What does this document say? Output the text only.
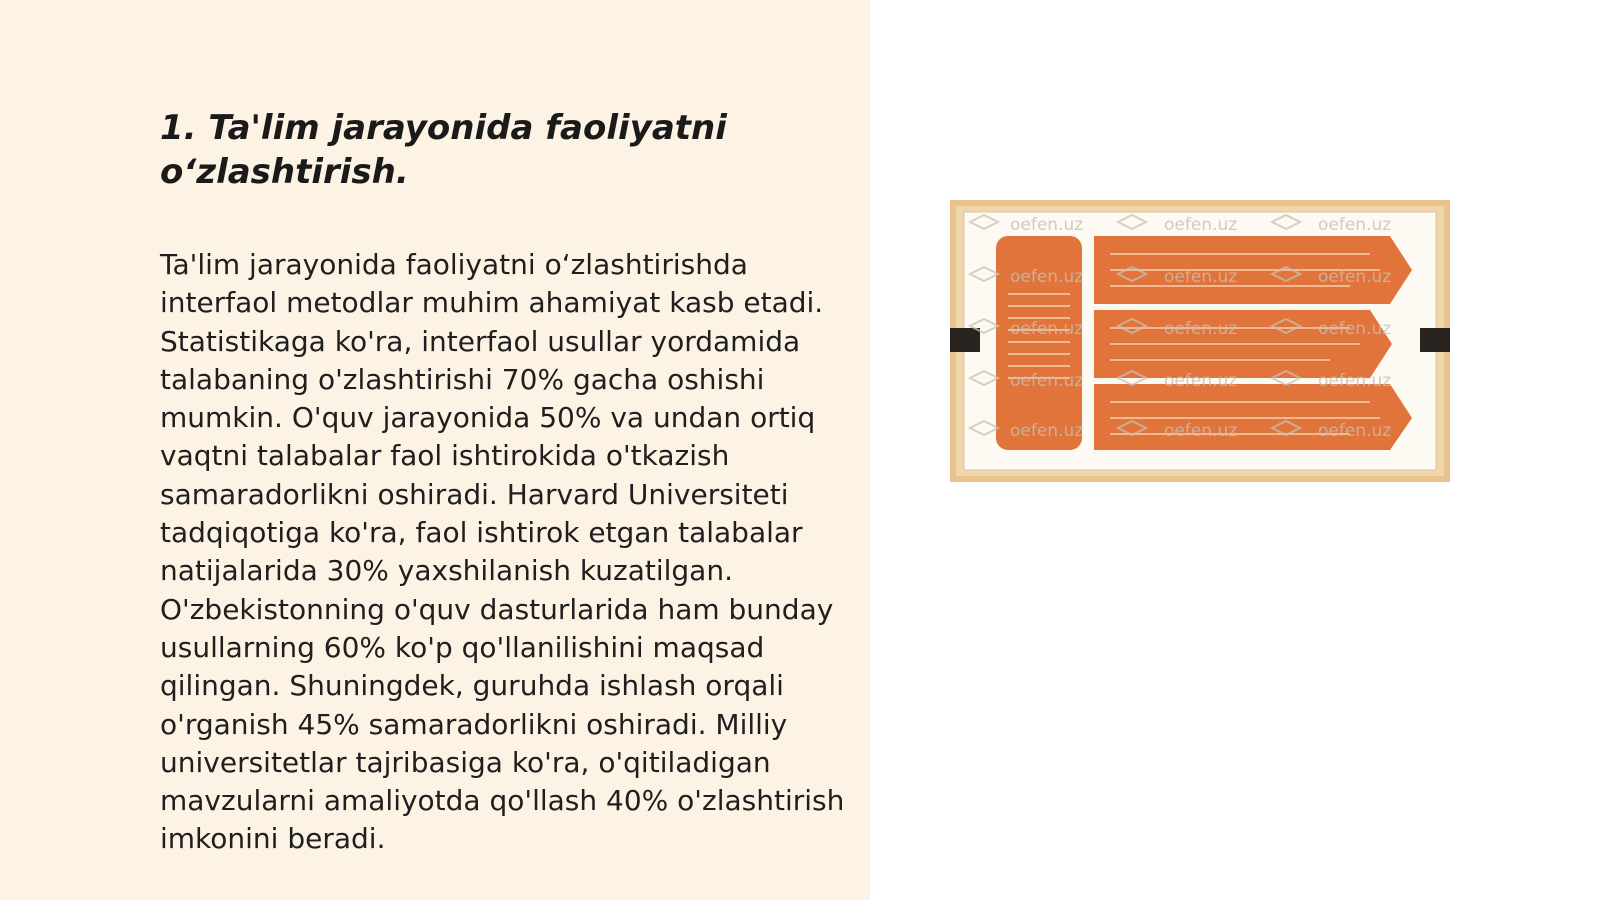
1. Ta'lim jarayonida faoliyatni o‘zlashtirish.

Ta'lim jarayonida faoliyatni o‘zlashtirishda interfaol metodlar muhim ahamiyat kasb etadi. Statistikaga ko'ra, interfaol usullar yordamida talabaning o'zlashtirishi 70% gacha oshishi mumkin. O'quv jarayonida 50% va undan ortiq vaqtni talabalar faol ishtirokida o'tkazish samaradorlikni oshiradi. Harvard Universiteti tadqiqotiga ko'ra, faol ishtirok etgan talabalar natijalarida 30% yaxshilanish kuzatilgan. O'zbekistonning o'quv dasturlarida ham bunday usullarning 60% ko'p qo'llanilishini maqsad qilingan. Shuningdek, guruhda ishlash orqali o'rganish 45% samaradorlikni oshiradi. Milliy universitetlar tajribasiga ko'ra, o'qitiladigan mavzularni amaliyotda qo'llash 40% o'zlashtirish imkonini beradi.

oefen.uz	oefen.uz	oefen.uz
oefen.uz	oefen.uz	oefen.uz
oefen.uz	oefen.uz	oefen.uz
oefen.uz	oefen.uz	oefen.uz
oefen.uz	oefen.uz	oefen.uz
